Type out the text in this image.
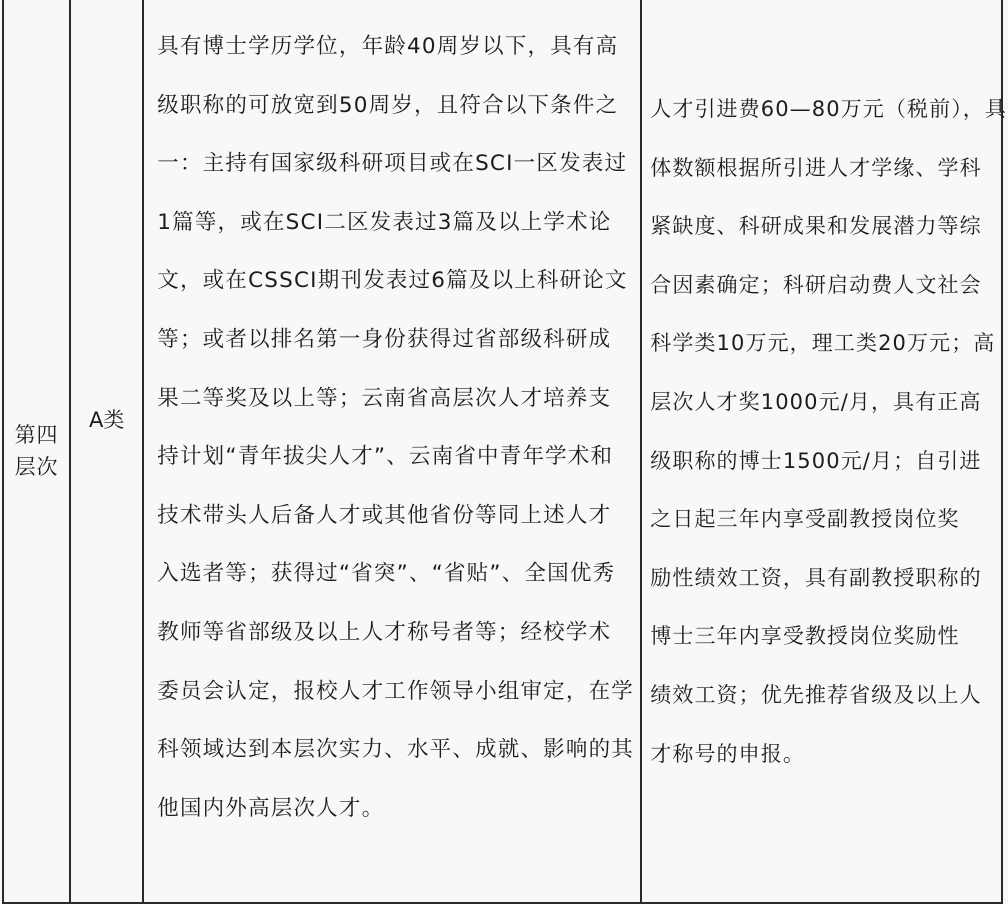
第四
层次

A类

具有博士学历学位，年龄40周岁以下，具有高
级职称的可放宽到50周岁，且符合以下条件之
一：主持有国家级科研项目或在SCI一区发表过
1篇等，或在SCI二区发表过3篇及以上学术论
文，或在CSSCI期刊发表过6篇及以上科研论文
等；或者以排名第一身份获得过省部级科研成
果二等奖及以上等；云南省高层次人才培养支
持计划“青年拔尖人才”、云南省中青年学术和
技术带头人后备人才或其他省份等同上述人才
入选者等；获得过“省突”、“省贴”、全国优秀
教师等省部级及以上人才称号者等；经校学术
委员会认定，报校人才工作领导小组审定，在学
科领域达到本层次实力、水平、成就、影响的其
他国内外高层次人才。

人才引进费60—80万元（税前），具
体数额根据所引进人才学缘、学科
紧缺度、科研成果和发展潜力等综
合因素确定；科研启动费人文社会
科学类10万元，理工类20万元；高
层次人才奖1000元/月，具有正高
级职称的博士1500元/月；自引进
之日起三年内享受副教授岗位奖
励性绩效工资，具有副教授职称的
博士三年内享受教授岗位奖励性
绩效工资；优先推荐省级及以上人
才称号的申报。
